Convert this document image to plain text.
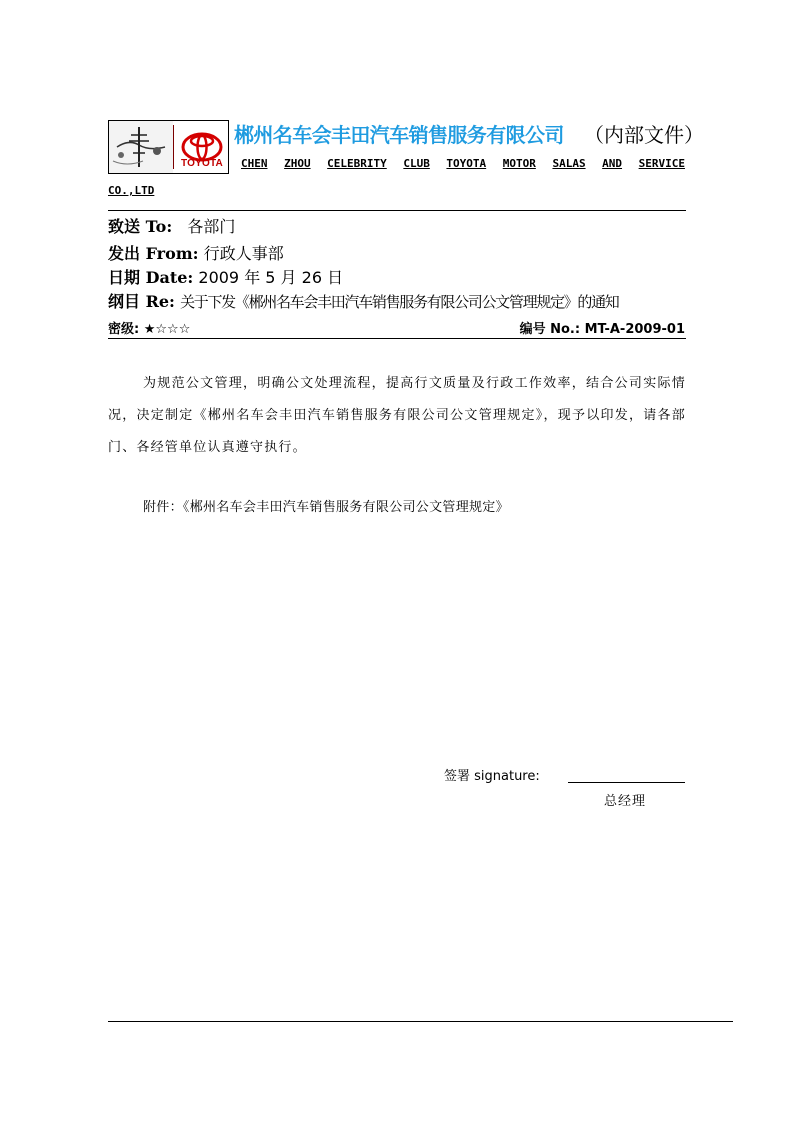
TOYOTA
郴州名车会丰田汽车销售服务有限公司 （内部文件）
CHEN ZHOU CELEBRITY CLUB TOYOTA MOTOR SALAS AND SERVICE
CO.,LTD
致送 To: 各部门
发出 From: 行政人事部
日期 Date: 2009 年 5 月 26 日
纲目 Re: 关于下发《郴州名车会丰田汽车销售服务有限公司公文管理规定》的通知
密级: ★☆☆☆	编号 No.: MT-A-2009-01
为规范公文管理，明确公文处理流程，提高行文质量及行政工作效率，结合公司实际情况，决定制定《郴州名车会丰田汽车销售服务有限公司公文管理规定》，现予以印发，请各部门、各经管单位认真遵守执行。
附件：《郴州名车会丰田汽车销售服务有限公司公文管理规定》
签署 signature:
总经理
